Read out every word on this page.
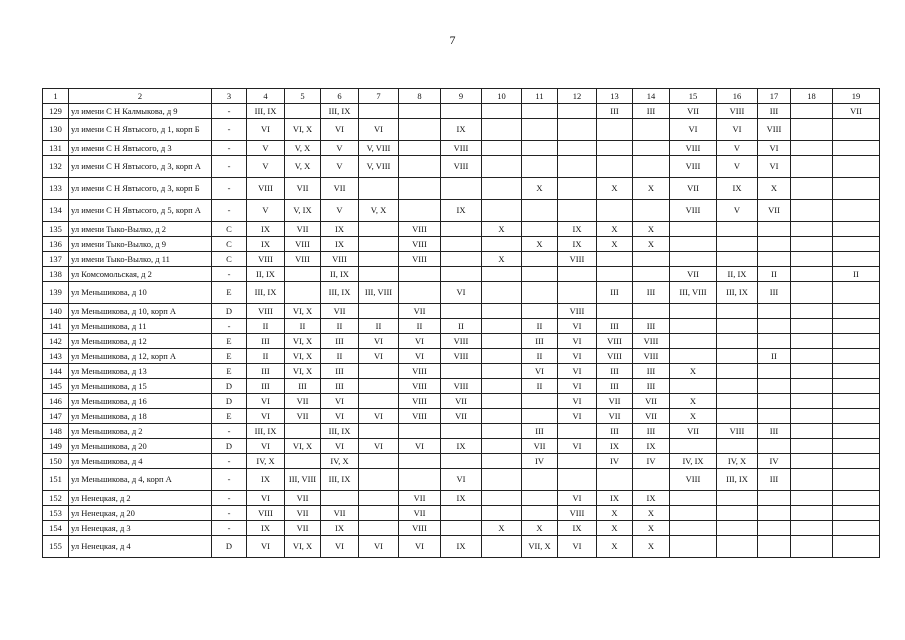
7
1	2	3	4	5	6	7	8	9	10	11	12	13	14	15	16	17	18	19
129	ул имени С Н Калмыкова, д 9	-	III, IX		III, IX							III	III	VII	VIII	III		VII
130	ул имени С Н Явтысого, д 1, корп Б	-	VI	VI, X	VI	VI		IX						VI	VI	VIII		
131	ул имени С Н Явтысого, д 3	-	V	V, X	V	V, VIII		VIII						VIII	V	VI		
132	ул имени С Н Явтысого, д 3, корп А	-	V	V, X	V	V, VIII		VIII						VIII	V	VI		
133	ул имени С Н Явтысого, д 3, корп Б	-	VIII	VII	VII					X		X	X	VII	IX	X		
134	ул имени С Н Явтысого, д 5, корп А	-	V	V, IX	V	V, X		IX						VIII	V	VII		
135	ул имени Тыко-Вылко, д 2	C	IX	VII	IX		VIII		X		IX	X	X					
136	ул имени Тыко-Вылко, д 9	C	IX	VIII	IX		VIII			X	IX	X	X					
137	ул имени Тыко-Вылко, д 11	C	VIII	VIII	VIII		VIII		X		VIII							
138	ул Комсомольская, д 2	-	II, IX		II, IX									VII	II, IX	II		II
139	ул Меньшикова, д 10	E	III, IX		III, IX	III, VIII		VI				III	III	III, VIII	III, IX	III		
140	ул Меньшикова, д 10, корп А	D	VIII	VI, X	VII		VII				VIII							
141	ул Меньшикова, д 11	-	II	II	II	II	II	II		II	VI	III	III					
142	ул Меньшикова, д 12	E	III	VI, X	III	VI	VI	VIII		III	VI	VIII	VIII					
143	ул Меньшикова, д 12, корп А	E	II	VI, X	II	VI	VI	VIII		II	VI	VIII	VIII			II		
144	ул Меньшикова, д 13	E	III	VI, X	III		VIII			VI	VI	III	III	X				
145	ул Меньшикова, д 15	D	III	III	III		VIII	VIII		II	VI	III	III					
146	ул Меньшикова, д 16	D	VI	VII	VI		VIII	VII			VI	VII	VII	X				
147	ул Меньшикова, д 18	E	VI	VII	VI	VI	VIII	VII			VI	VII	VII	X				
148	ул Меньшикова, д 2	-	III, IX		III, IX					III		III	III	VII	VIII	III		
149	ул Меньшикова, д 20	D	VI	VI, X	VI	VI	VI	IX		VII	VI	IX	IX					
150	ул Меньшикова, д 4	-	IV, X		IV, X					IV		IV	IV	IV, IX	IV, X	IV		
151	ул Меньшикова, д 4, корп А	-	IX	III, VIII	III, IX			VI						VIII	III, IX	III		
152	ул Ненецкая, д 2	-	VI	VII			VII	IX			VI	IX	IX					
153	ул Ненецкая, д 20	-	VIII	VII	VII		VII				VIII	X	X					
154	ул Ненецкая, д 3	-	IX	VII	IX		VIII		X	X	IX	X	X					
155	ул Ненецкая, д 4	D	VI	VI, X	VI	VI	VI	IX		VII, X	VI	X	X					
